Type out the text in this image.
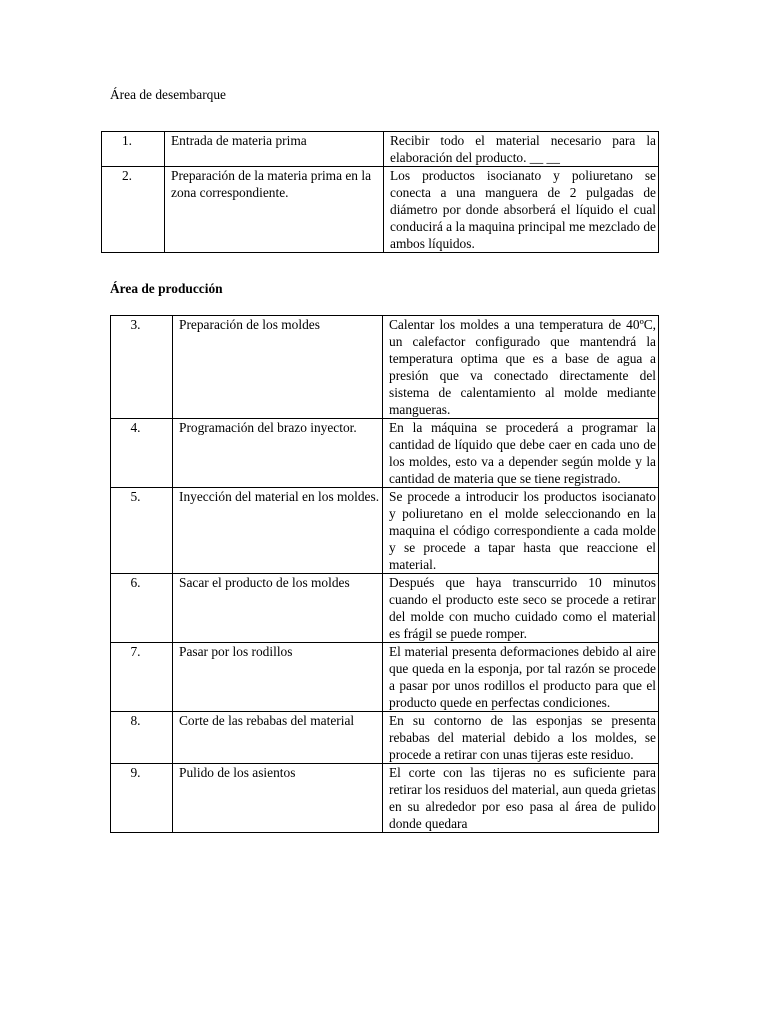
Área de desembarque

1.	Entrada de materia prima	Recibir todo el material necesario para la elaboración del producto. __ __
2.	Preparación de la materia prima en la zona correspondiente.	Los productos isocianato y poliuretano se conecta a una manguera de 2 pulgadas de diámetro por donde absorberá el líquido el cual conducirá a la maquina principal me mezclado de ambos líquidos.

Área de producción

3.	Preparación de los moldes	Calentar los moldes a una temperatura de 40ºC, un calefactor configurado que mantendrá la temperatura optima que es a base de agua a presión que va conectado directamente del sistema de calentamiento al molde mediante mangueras.
4.	Programación del brazo inyector.	En la máquina se procederá a programar la cantidad de líquido que debe caer en cada uno de los moldes, esto va a depender según molde y la cantidad de materia que se tiene registrado.
5.	Inyección del material en los moldes.	Se procede a introducir los productos isocianato y poliuretano en el molde seleccionando en la maquina el código correspondiente a cada molde y se procede a tapar hasta que reaccione el material.
6.	Sacar el producto de los moldes	Después que haya transcurrido 10 minutos cuando el producto este seco se procede a retirar del molde con mucho cuidado como el material es frágil se puede romper.
7.	Pasar por los rodillos	El material presenta deformaciones debido al aire que queda en la esponja, por tal razón se procede a pasar por unos rodillos el producto para que el producto quede en perfectas condiciones.
8.	Corte de las rebabas del material	En su contorno de las esponjas se presenta rebabas del material debido a los moldes, se procede a retirar con unas tijeras este residuo.
9.	Pulido de los asientos	El corte con las tijeras no es suficiente para retirar los residuos del material, aun queda grietas en su alrededor por eso pasa al área de pulido donde quedara
